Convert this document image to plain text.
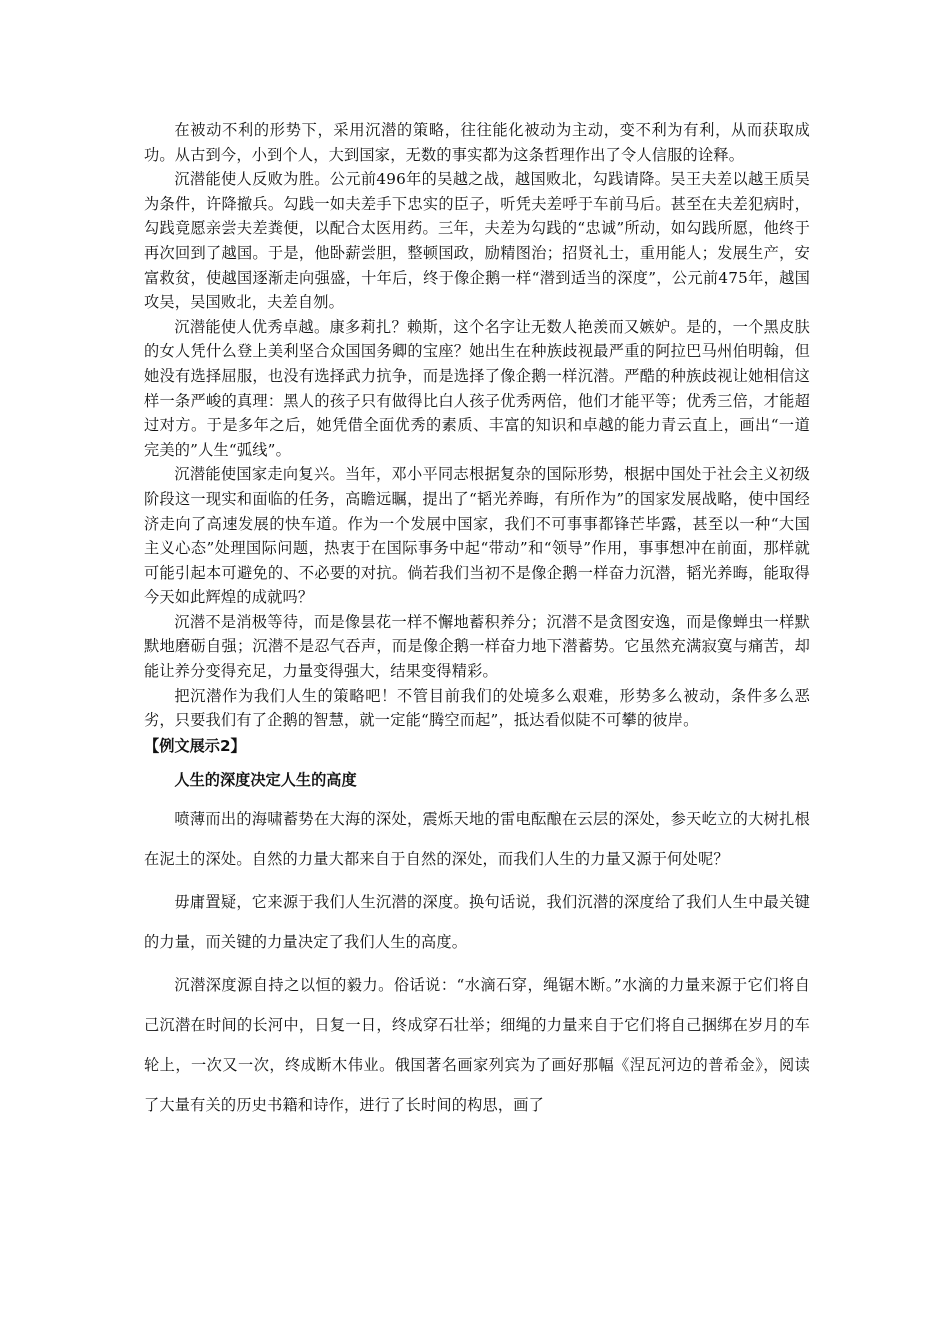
在被动不利的形势下，采用沉潜的策略，往往能化被动为主动，变不利为有利，从而获取成功。从古到今，小到个人，大到国家，无数的事实都为这条哲理作出了令人信服的诠释。

沉潜能使人反败为胜。公元前496年的吴越之战，越国败北，勾践请降。吴王夫差以越王质吴为条件，许降撤兵。勾践一如夫差手下忠实的臣子，听凭夫差呼于车前马后。甚至在夫差犯病时，勾践竟愿亲尝夫差粪便，以配合太医用药。三年，夫差为勾践的“忠诚”所动，如勾践所愿，他终于再次回到了越国。于是，他卧薪尝胆，整顿国政，励精图治；招贤礼士，重用能人；发展生产，安富救贫，使越国逐渐走向强盛，十年后，终于像企鹅一样“潜到适当的深度”，公元前475年，越国攻吴，吴国败北，夫差自刎。

沉潜能使人优秀卓越。康多莉扎？赖斯，这个名字让无数人艳羡而又嫉妒。是的，一个黑皮肤的女人凭什么登上美利坚合众国国务卿的宝座？她出生在种族歧视最严重的阿拉巴马州伯明翰，但她没有选择屈服，也没有选择武力抗争，而是选择了像企鹅一样沉潜。严酷的种族歧视让她相信这样一条严峻的真理：黑人的孩子只有做得比白人孩子优秀两倍，他们才能平等；优秀三倍，才能超过对方。于是多年之后，她凭借全面优秀的素质、丰富的知识和卓越的能力青云直上，画出“一道完美的”人生“弧线”。

沉潜能使国家走向复兴。当年，邓小平同志根据复杂的国际形势，根据中国处于社会主义初级阶段这一现实和面临的任务，高瞻远瞩，提出了“韬光养晦，有所作为”的国家发展战略，使中国经济走向了高速发展的快车道。作为一个发展中国家，我们不可事事都锋芒毕露，甚至以一种“大国主义心态”处理国际问题，热衷于在国际事务中起“带动”和“领导”作用，事事想冲在前面，那样就可能引起本可避免的、不必要的对抗。倘若我们当初不是像企鹅一样奋力沉潜，韬光养晦，能取得今天如此辉煌的成就吗？

沉潜不是消极等待，而是像昙花一样不懈地蓄积养分；沉潜不是贪图安逸，而是像蝉虫一样默默地磨砺自强；沉潜不是忍气吞声，而是像企鹅一样奋力地下潜蓄势。它虽然充满寂寞与痛苦，却能让养分变得充足，力量变得强大，结果变得精彩。

把沉潜作为我们人生的策略吧！不管目前我们的处境多么艰难，形势多么被动，条件多么恶劣，只要我们有了企鹅的智慧，就一定能“腾空而起”，抵达看似陡不可攀的彼岸。

【例文展示2】

人生的深度决定人生的高度

喷薄而出的海啸蓄势在大海的深处，震烁天地的雷电酝酿在云层的深处，参天屹立的大树扎根在泥土的深处。自然的力量大都来自于自然的深处，而我们人生的力量又源于何处呢？

毋庸置疑，它来源于我们人生沉潜的深度。换句话说，我们沉潜的深度给了我们人生中最关键的力量，而关键的力量决定了我们人生的高度。

沉潜深度源自持之以恒的毅力。俗话说：“水滴石穿，绳锯木断。”水滴的力量来源于它们将自己沉潜在时间的长河中，日复一日，终成穿石壮举；细绳的力量来自于它们将自己捆绑在岁月的车轮上，一次又一次，终成断木伟业。俄国著名画家列宾为了画好那幅《涅瓦河边的普希金》，阅读了大量有关的历史书籍和诗作，进行了长时间的构思，画了
